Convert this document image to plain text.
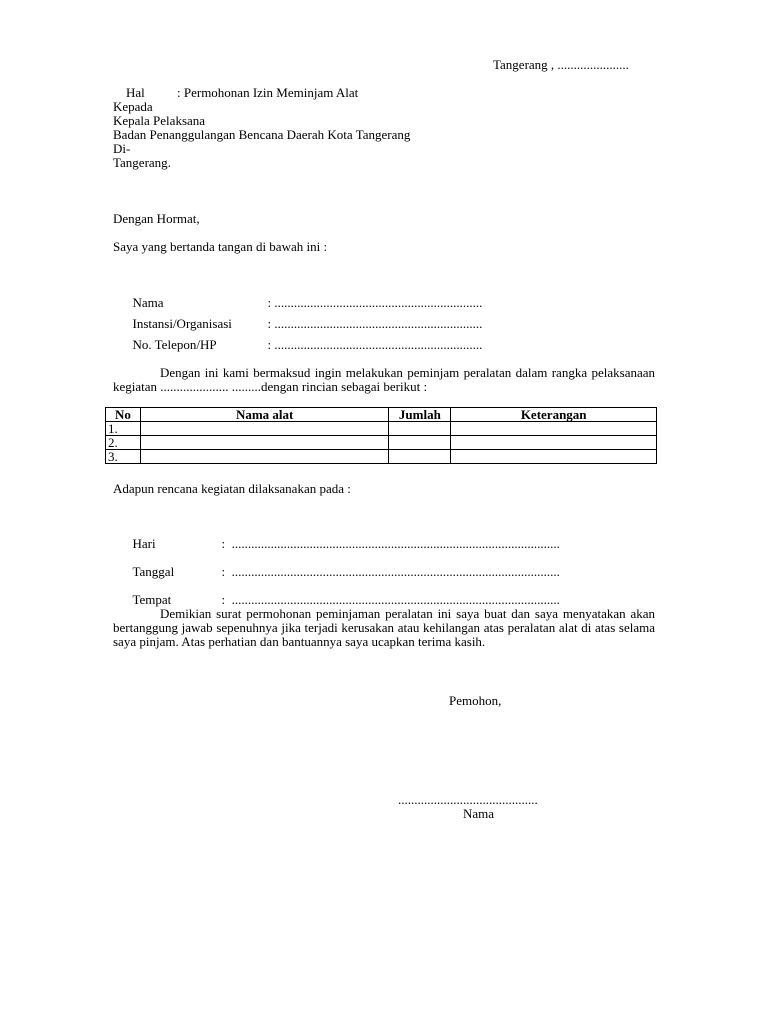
Tangerang , ......................

Hal : Permohonan Izin Meminjam Alat

Kepada
Kepala Pelaksana
Badan Penanggulangan Bencana Daerah Kota Tangerang
Di-
Tangerang.
Dengan Hormat,
Saya yang bertanda tangan di bawah ini :

Nama	: ................................................................

Instansi/Organisasi	: ................................................................

No. Telepon/HP	: ................................................................

Dengan ini kami bermaksud ingin melakukan peminjam peralatan dalam rangka pelaksanaan kegiatan ..................... .........dengan rincian sebagai berikut :
No	Nama alat	Jumlah	Keterangan
1.			
2.			
3.			
Adapun rencana kegiatan dilaksanakan pada :

Hari	:  .....................................................................................................

Tanggal	:  .....................................................................................................

Tempat	:  .....................................................................................................

Demikian surat permohonan peminjaman peralatan ini saya buat dan saya menyatakan akan bertanggung jawab sepenuhnya jika terjadi kerusakan atau kehilangan atas peralatan alat di atas selama saya pinjam. Atas perhatian dan bantuannya saya ucapkan terima kasih.
Pemohon,
...........................................
Nama
